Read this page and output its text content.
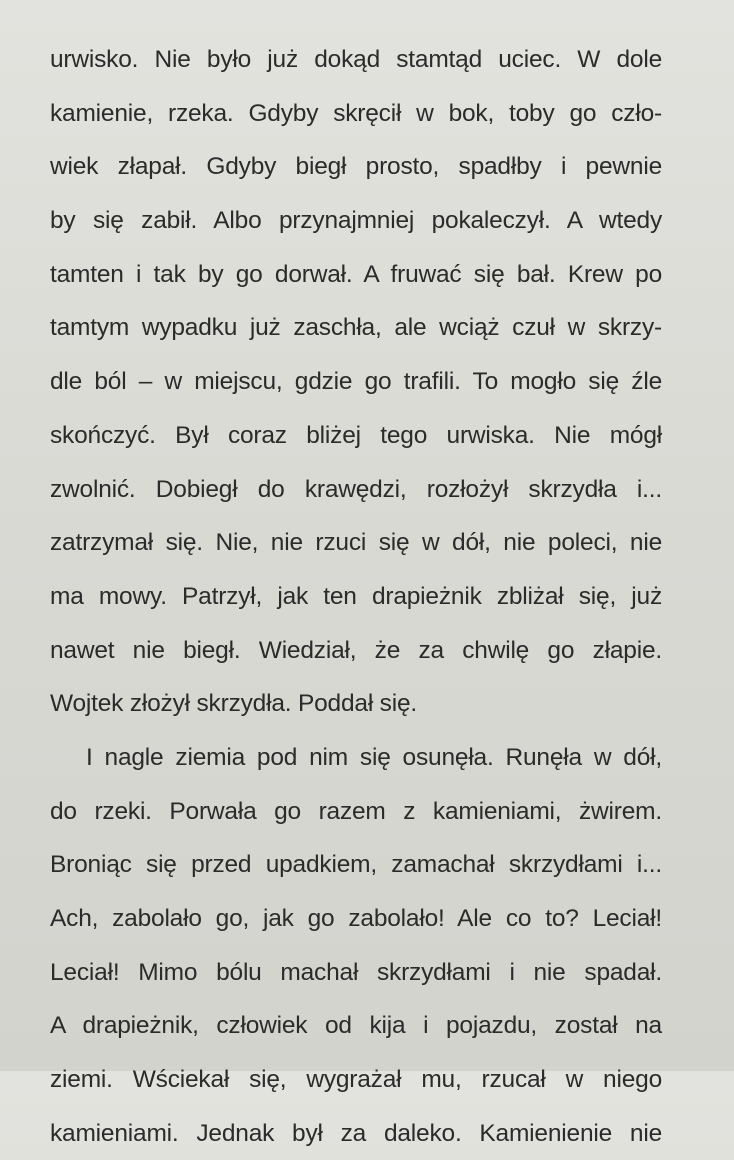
urwisko. Nie było już dokąd stamtąd uciec. W dole
kamienie, rzeka. Gdyby skręcił w bok, toby go czło-
wiek złapał. Gdyby biegł prosto, spadłby i pewnie
by się zabił. Albo przynajmniej pokaleczył. A wtedy
tamten i tak by go dorwał. A fruwać się bał. Krew po
tamtym wypadku już zaschła, ale wciąż czuł w skrzy-
dle ból – w miejscu, gdzie go trafili. To mogło się źle
skończyć. Był coraz bliżej tego urwiska. Nie mógł
zwolnić. Dobiegł do krawędzi, rozłożył skrzydła i...
zatrzymał się. Nie, nie rzuci się w dół, nie poleci, nie
ma mowy. Patrzył, jak ten drapieżnik zbliżał się, już
nawet nie biegł. Wiedział, że za chwilę go złapie.
Wojtek złożył skrzydła. Poddał się.
I nagle ziemia pod nim się osunęła. Runęła w dół,
do rzeki. Porwała go razem z kamieniami, żwirem.
Broniąc się przed upadkiem, zamachał skrzydłami i...
Ach, zabolało go, jak go zabolało! Ale co to? Leciał!
Leciał! Mimo bólu machał skrzydłami i nie spadał.
A drapieżnik, człowiek od kija i pojazdu, został na
ziemi. Wściekał się, wygrażał mu, rzucał w niego
kamieniami. Jednak był za daleko. Kamienienie nie
